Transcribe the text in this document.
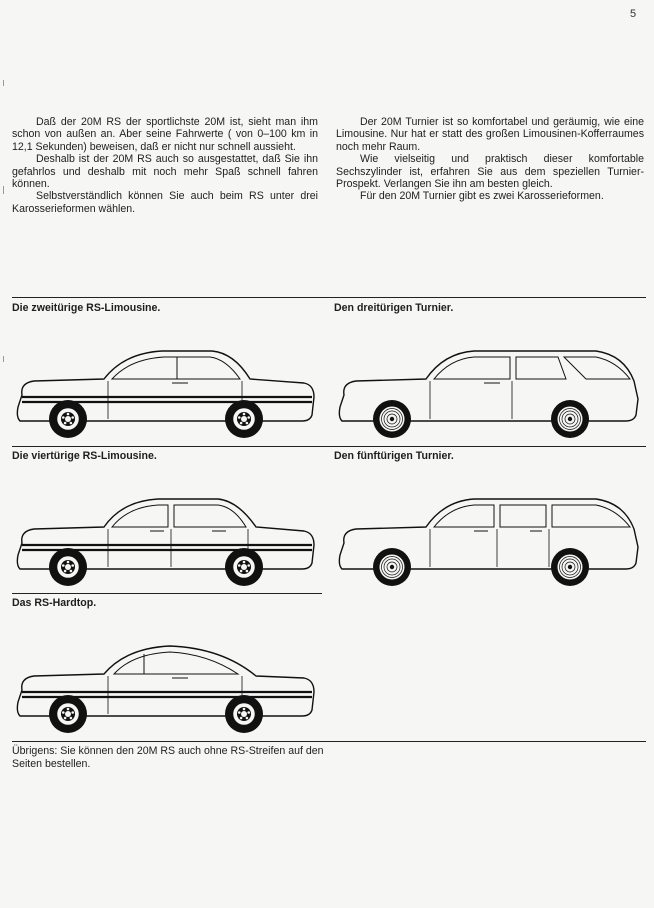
5

Daß der 20M RS der sportlichste 20M ist, sieht man ihm schon von außen an. Aber seine Fahrwerte ( von 0–100 km in 12,1 Sekunden) beweisen, daß er nicht nur schnell aussieht.

Deshalb ist der 20M RS auch so ausgestattet, daß Sie ihn gefahrlos und deshalb mit noch mehr Spaß schnell fahren können.

Selbstverständlich können Sie auch beim RS unter drei Karosserieformen wählen.

Der 20M Turnier ist so komfortabel und geräumig, wie eine Limousine. Nur hat er statt des großen Limousinen-Kofferraumes noch mehr Raum.

Wie vielseitig und praktisch dieser komfortable Sechszylinder ist, erfahren Sie aus dem speziellen Turnier-Prospekt. Verlangen Sie ihn am besten gleich.

Für den 20M Turnier gibt es zwei Karosserieformen.

Die zweitürige RS-Limousine.	Den dreitürigen Turnier.
Die viertürige RS-Limousine.	Den fünftürigen Turnier.
Das RS-Hardtop.
Übrigens: Sie können den 20M RS auch ohne RS-Streifen auf den Seiten bestellen.
